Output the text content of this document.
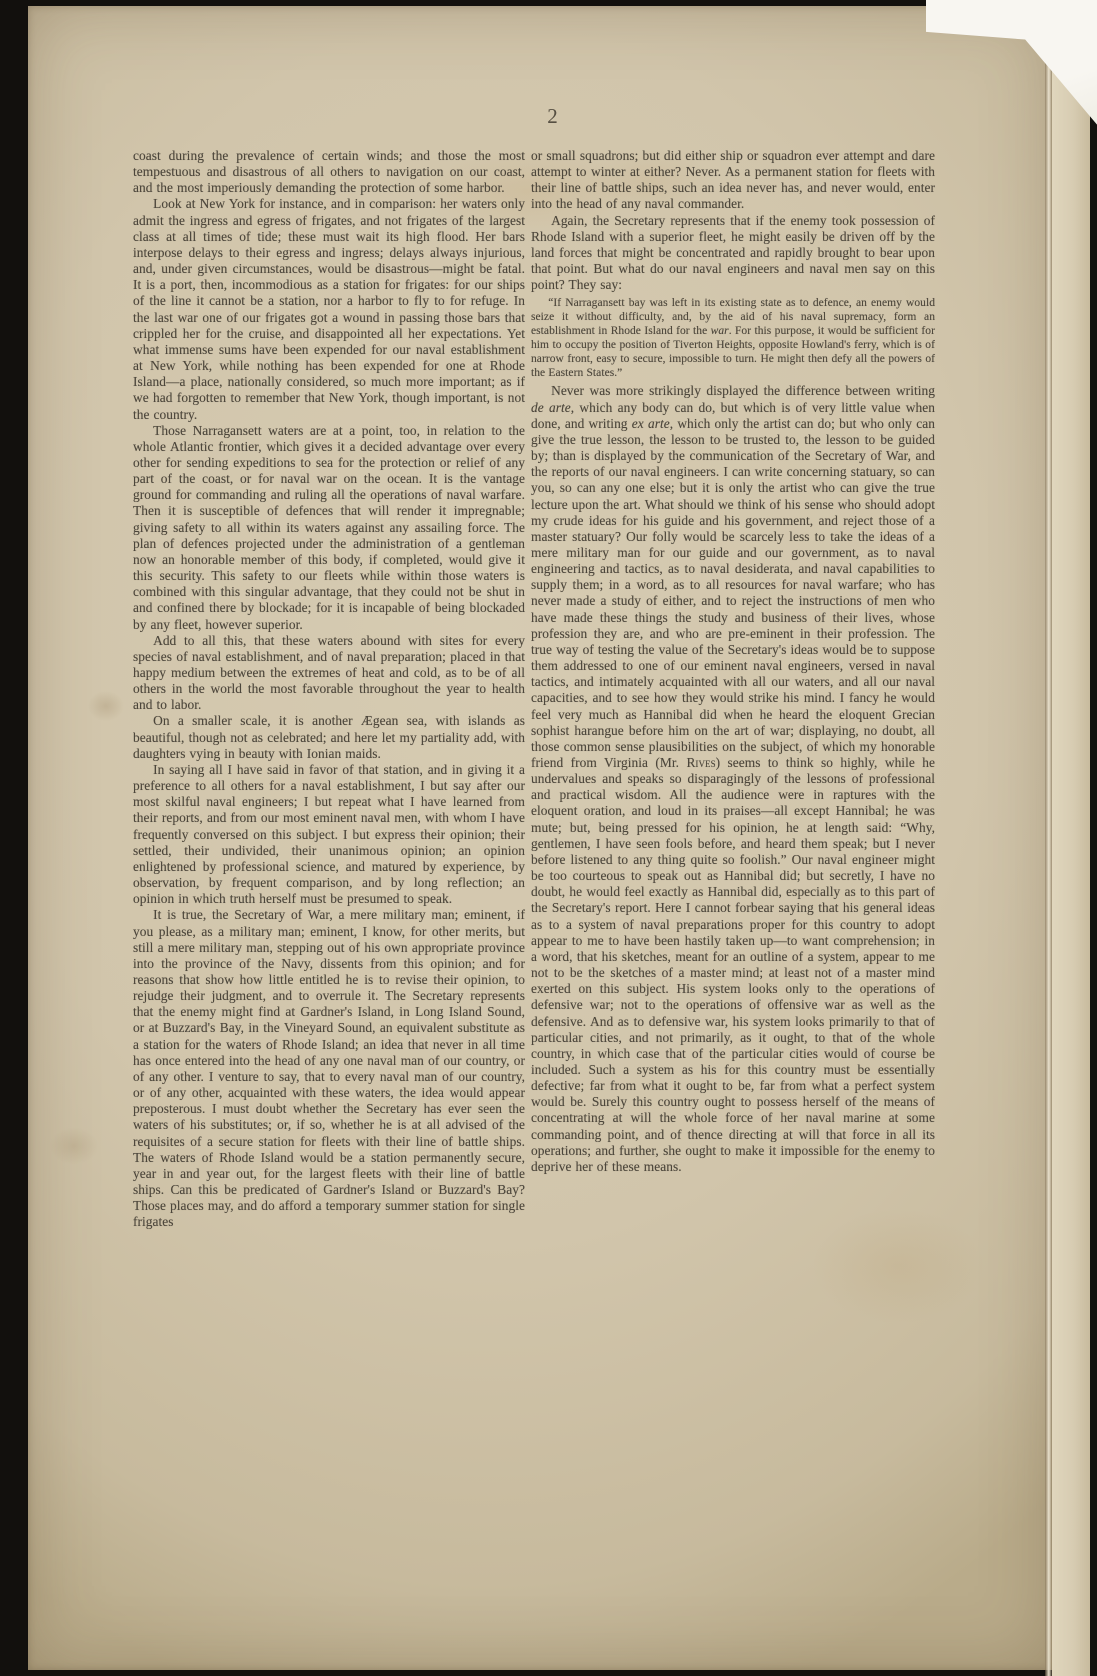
2

coast during the prevalence of certain winds; and those the most tempestuous and disastrous of all others to navigation on our coast, and the most imperiously demanding the protection of some harbor.

Look at New York for instance, and in comparison: her waters only admit the ingress and egress of frigates, and not frigates of the largest class at all times of tide; these must wait its high flood. Her bars interpose delays to their egress and ingress; delays always injurious, and, under given circumstances, would be disastrous—might be fatal. It is a port, then, incommodious as a station for frigates: for our ships of the line it cannot be a station, nor a harbor to fly to for refuge. In the last war one of our frigates got a wound in passing those bars that crippled her for the cruise, and disappointed all her expectations. Yet what immense sums have been expended for our naval establishment at New York, while nothing has been expended for one at Rhode Island—a place, nationally considered, so much more important; as if we had forgotten to remember that New York, though important, is not the country.

Those Narragansett waters are at a point, too, in relation to the whole Atlantic frontier, which gives it a decided advantage over every other for sending expeditions to sea for the protection or relief of any part of the coast, or for naval war on the ocean. It is the vantage ground for commanding and ruling all the operations of naval warfare. Then it is susceptible of defences that will render it impregnable; giving safety to all within its waters against any assailing force. The plan of defences projected under the administration of a gentleman now an honorable member of this body, if completed, would give it this security. This safety to our fleets while within those waters is combined with this singular advantage, that they could not be shut in and confined there by blockade; for it is incapable of being blockaded by any fleet, however superior.

Add to all this, that these waters abound with sites for every species of naval establishment, and of naval preparation; placed in that happy medium between the extremes of heat and cold, as to be of all others in the world the most favorable throughout the year to health and to labor.

On a smaller scale, it is another Ægean sea, with islands as beautiful, though not as celebrated; and here let my partiality add, with daughters vying in beauty with Ionian maids.

In saying all I have said in favor of that station, and in giving it a preference to all others for a naval establishment, I but say after our most skilful naval engineers; I but repeat what I have learned from their reports, and from our most eminent naval men, with whom I have frequently conversed on this subject. I but express their opinion; their settled, their undivided, their unanimous opinion; an opinion enlightened by professional science, and matured by experience, by observation, by frequent comparison, and by long reflection; an opinion in which truth herself must be presumed to speak.

It is true, the Secretary of War, a mere military man; eminent, if you please, as a military man; eminent, I know, for other merits, but still a mere military man, stepping out of his own appropriate province into the province of the Navy, dissents from this opinion; and for reasons that show how little entitled he is to revise their opinion, to rejudge their judgment, and to overrule it. The Secretary represents that the enemy might find at Gardner's Island, in Long Island Sound, or at Buzzard's Bay, in the Vineyard Sound, an equivalent substitute as a station for the waters of Rhode Island; an idea that never in all time has once entered into the head of any one naval man of our country, or of any other. I venture to say, that to every naval man of our country, or of any other, acquainted with these waters, the idea would appear preposterous. I must doubt whether the Secretary has ever seen the waters of his substitutes; or, if so, whether he is at all advised of the requisites of a secure station for fleets with their line of battle ships. The waters of Rhode Island would be a station permanently secure, year in and year out, for the largest fleets with their line of battle ships. Can this be predicated of Gardner's Island or Buzzard's Bay? Those places may, and do afford a temporary summer station for single frigates

or small squadrons; but did either ship or squadron ever attempt and dare attempt to winter at either? Never. As a permanent station for fleets with their line of battle ships, such an idea never has, and never would, enter into the head of any naval commander.

Again, the Secretary represents that if the enemy took possession of Rhode Island with a superior fleet, he might easily be driven off by the land forces that might be concentrated and rapidly brought to bear upon that point. But what do our naval engineers and naval men say on this point? They say:

“If Narragansett bay was left in its existing state as to defence, an enemy would seize it without difficulty, and, by the aid of his naval supremacy, form an establishment in Rhode Island for the war. For this purpose, it would be sufficient for him to occupy the position of Tiverton Heights, opposite Howland's ferry, which is of narrow front, easy to secure, impossible to turn. He might then defy all the powers of the Eastern States.”

Never was more strikingly displayed the difference between writing de arte, which any body can do, but which is of very little value when done, and writing ex arte, which only the artist can do; but who only can give the true lesson, the lesson to be trusted to, the lesson to be guided by; than is displayed by the communication of the Secretary of War, and the reports of our naval engineers. I can write concerning statuary, so can you, so can any one else; but it is only the artist who can give the true lecture upon the art. What should we think of his sense who should adopt my crude ideas for his guide and his government, and reject those of a master statuary? Our folly would be scarcely less to take the ideas of a mere military man for our guide and our government, as to naval engineering and tactics, as to naval desiderata, and naval capabilities to supply them; in a word, as to all resources for naval warfare; who has never made a study of either, and to reject the instructions of men who have made these things the study and business of their lives, whose profession they are, and who are pre-eminent in their profession. The true way of testing the value of the Secretary's ideas would be to suppose them addressed to one of our eminent naval engineers, versed in naval tactics, and intimately acquainted with all our waters, and all our naval capacities, and to see how they would strike his mind. I fancy he would feel very much as Hannibal did when he heard the eloquent Grecian sophist harangue before him on the art of war; displaying, no doubt, all those common sense plausibilities on the subject, of which my honorable friend from Virginia (Mr. Rives) seems to think so highly, while he undervalues and speaks so disparagingly of the lessons of professional and practical wisdom. All the audience were in raptures with the eloquent oration, and loud in its praises—all except Hannibal; he was mute; but, being pressed for his opinion, he at length said: “Why, gentlemen, I have seen fools before, and heard them speak; but I never before listened to any thing quite so foolish.” Our naval engineer might be too courteous to speak out as Hannibal did; but secretly, I have no doubt, he would feel exactly as Hannibal did, especially as to this part of the Secretary's report. Here I cannot forbear saying that his general ideas as to a system of naval preparations proper for this country to adopt appear to me to have been hastily taken up—to want comprehension; in a word, that his sketches, meant for an outline of a system, appear to me not to be the sketches of a master mind; at least not of a master mind exerted on this subject. His system looks only to the operations of defensive war; not to the operations of offensive war as well as the defensive. And as to defensive war, his system looks primarily to that of particular cities, and not primarily, as it ought, to that of the whole country, in which case that of the particular cities would of course be included. Such a system as his for this country must be essentially defective; far from what it ought to be, far from what a perfect system would be. Surely this country ought to possess herself of the means of concentrating at will the whole force of her naval marine at some commanding point, and of thence directing at will that force in all its operations; and further, she ought to make it impossible for the enemy to deprive her of these means.
